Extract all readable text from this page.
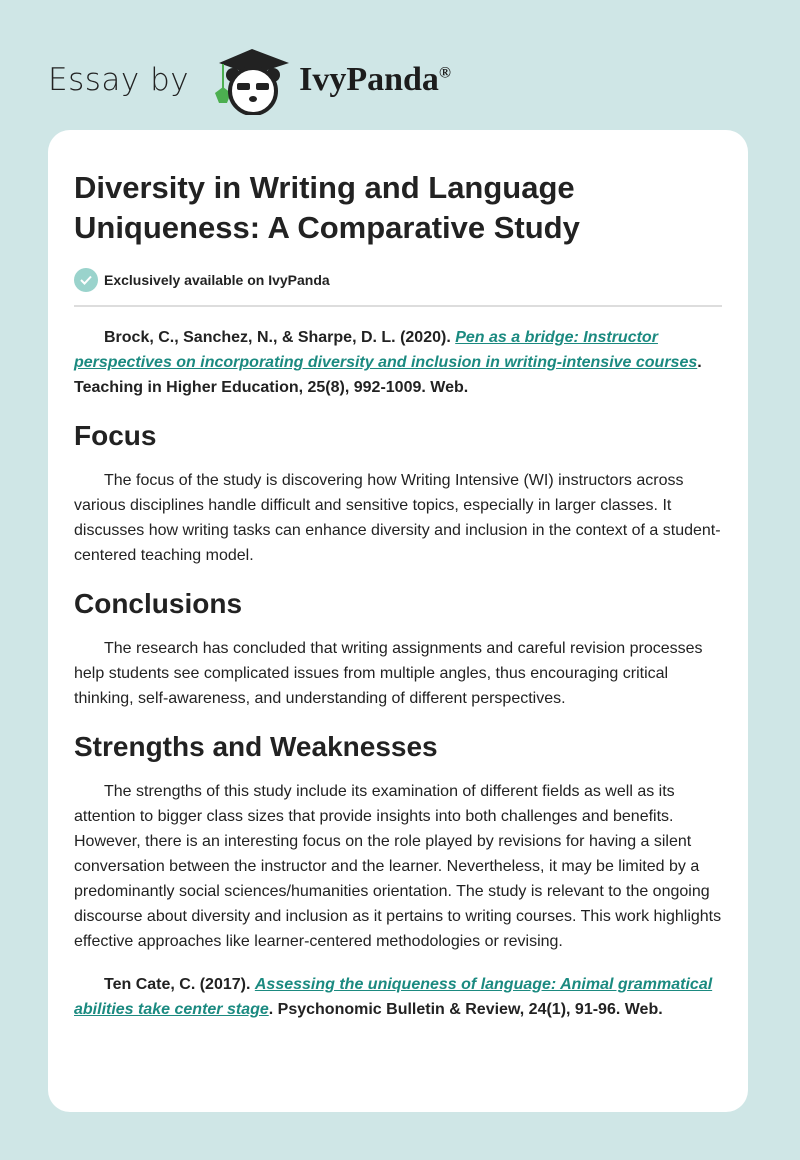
Essay by	IvyPanda®
Diversity in Writing and Language Uniqueness: A Comparative Study
Exclusively available on IvyPanda

Brock, C., Sanchez, N., & Sharpe, D. L. (2020). Pen as a bridge: Instructor perspectives on incorporating diversity and inclusion in writing-intensive courses. Teaching in Higher Education, 25(8), 992-1009. Web.

Focus

The focus of the study is discovering how Writing Intensive (WI) instructors across various disciplines handle difficult and sensitive topics, especially in larger classes. It discusses how writing tasks can enhance diversity and inclusion in the context of a student-centered teaching model.

Conclusions

The research has concluded that writing assignments and careful revision processes help students see complicated issues from multiple angles, thus encouraging critical thinking, self-awareness, and understanding of different perspectives.

Strengths and Weaknesses

The strengths of this study include its examination of different fields as well as its attention to bigger class sizes that provide insights into both challenges and benefits. However, there is an interesting focus on the role played by revisions for having a silent conversation between the instructor and the learner. Nevertheless, it may be limited by a predominantly social sciences/humanities orientation. The study is relevant to the ongoing discourse about diversity and inclusion as it pertains to writing courses. This work highlights effective approaches like learner-centered methodologies or revising.

Ten Cate, C. (2017). Assessing the uniqueness of language: Animal grammatical abilities take center stage. Psychonomic Bulletin & Review, 24(1), 91-96. Web.
